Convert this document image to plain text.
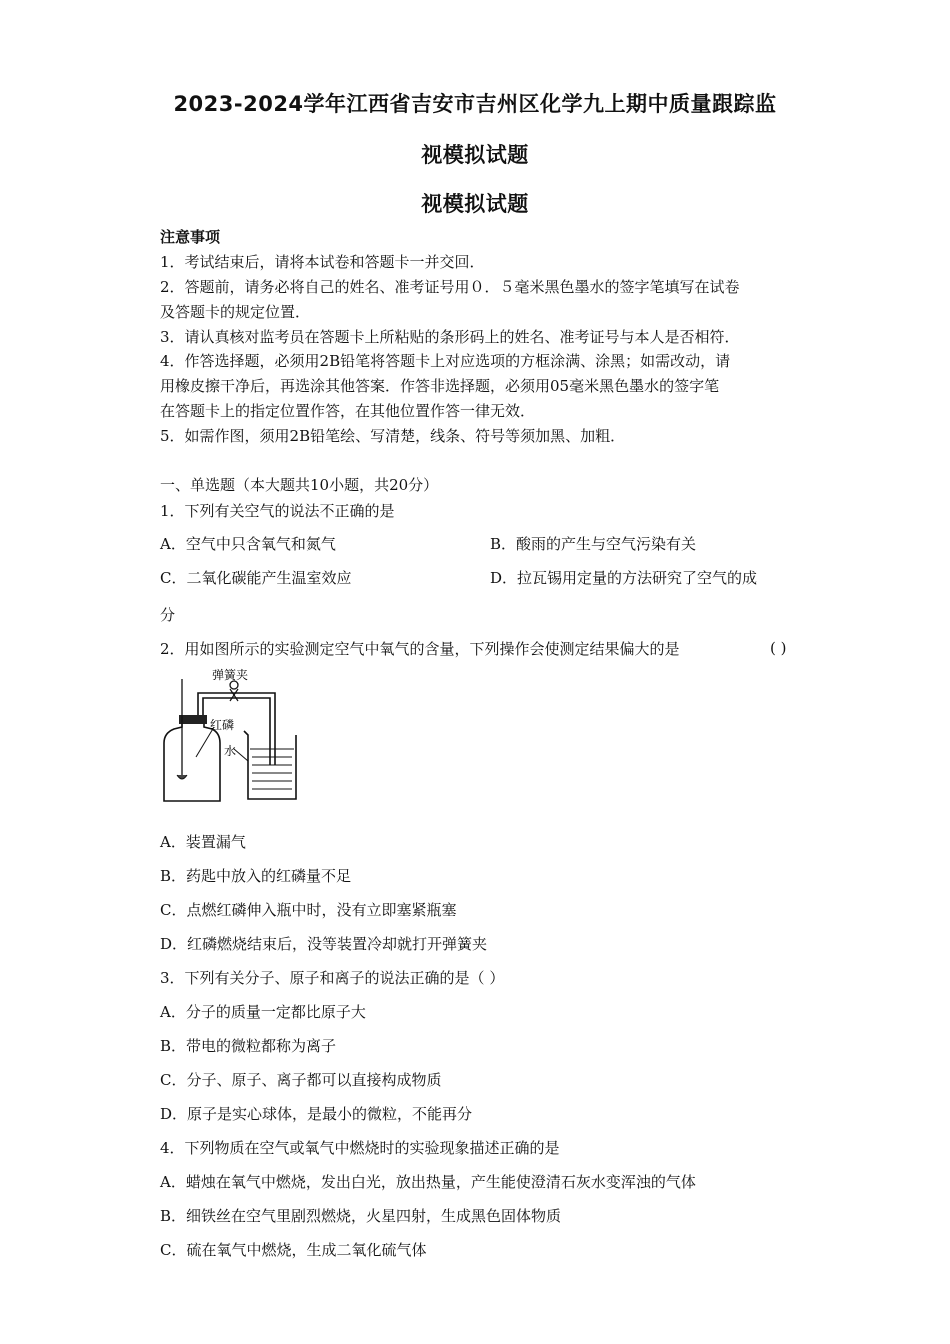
2023-2024学年江西省吉安市吉州区化学九上期中质量跟踪监
视模拟试题
视模拟试题
注意事项
1．考试结束后，请将本试卷和答题卡一并交回．
2．答题前，请务必将自己的姓名、准考证号用０．５毫米黑色墨水的签字笔填写在试卷
及答题卡的规定位置．
3．请认真核对监考员在答题卡上所粘贴的条形码上的姓名、准考证号与本人是否相符．
4．作答选择题，必须用2B铅笔将答题卡上对应选项的方框涂满、涂黑；如需改动，请
用橡皮擦干净后，再选涂其他答案．作答非选择题，必须用05毫米黑色墨水的签字笔
在答题卡上的指定位置作答，在其他位置作答一律无效．
5．如需作图，须用2B铅笔绘、写清楚，线条、符号等须加黑、加粗．
一、单选题（本大题共10小题，共20分）
1．下列有关空气的说法不正确的是
A．空气中只含氧气和氮气	B．酸雨的产生与空气污染有关
C．二氧化碳能产生温室效应	D．拉瓦锡用定量的方法研究了空气的成
分
2．用如图所示的实验测定空气中氧气的含量，下列操作会使测定结果偏大的是	( )
弹簧夹
红磷
水
A．装置漏气
B．药匙中放入的红磷量不足
C．点燃红磷伸入瓶中时，没有立即塞紧瓶塞
D．红磷燃烧结束后，没等装置冷却就打开弹簧夹
3．下列有关分子、原子和离子的说法正确的是（ ）
A．分子的质量一定都比原子大
B．带电的微粒都称为离子
C．分子、原子、离子都可以直接构成物质
D．原子是实心球体，是最小的微粒，不能再分
4．下列物质在空气或氧气中燃烧时的实验现象描述正确的是
A．蜡烛在氧气中燃烧，发出白光，放出热量，产生能使澄清石灰水变浑浊的气体
B．细铁丝在空气里剧烈燃烧，火星四射，生成黑色固体物质
C．硫在氧气中燃烧，生成二氧化硫气体
